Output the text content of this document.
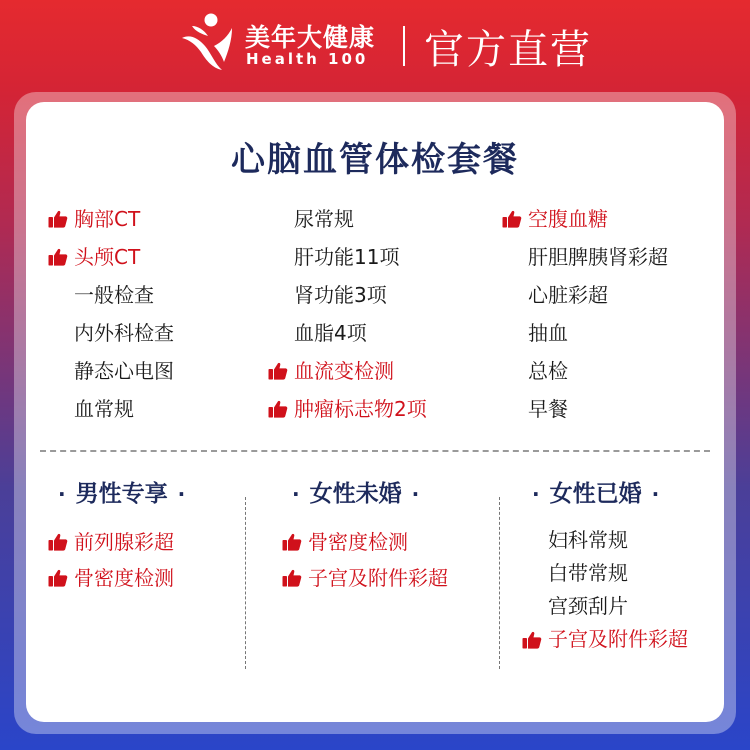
美年大健康
Health 100 官方直营
心脑血管体检套餐
胸部CT
头颅CT
一般检查
内外科检查
静态心电图
血常规
尿常规
肝功能11项
肾功能3项
血脂4项
血流变检测
肿瘤标志物2项
空腹血糖
肝胆脾胰肾彩超
心脏彩超
抽血
总检
早餐
· 男性专享 ·
前列腺彩超
骨密度检测
· 女性未婚 ·
骨密度检测
子宫及附件彩超
· 女性已婚 ·
妇科常规
白带常规
宫颈刮片
子宫及附件彩超
